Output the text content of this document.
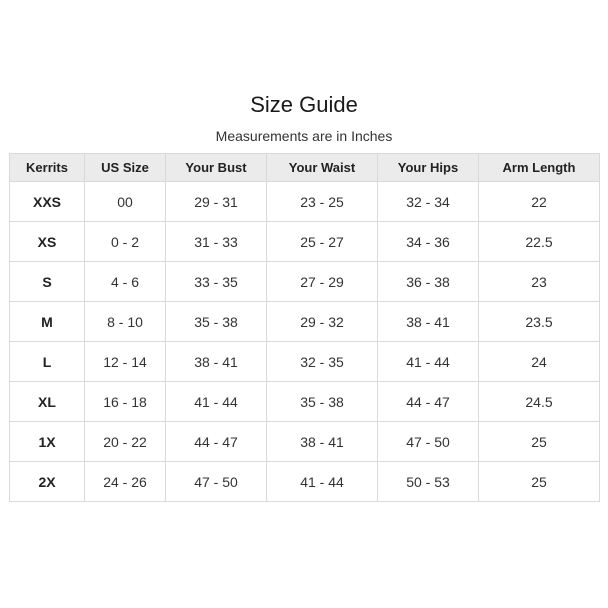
Size Guide

Measurements are in Inches

Kerrits	US Size	Your Bust	Your Waist	Your Hips	Arm Length
XXS	00	29 - 31	23 - 25	32 - 34	22
XS	0 - 2	31 - 33	25 - 27	34 - 36	22.5
S	4 - 6	33 - 35	27 - 29	36 - 38	23
M	8 - 10	35 - 38	29 - 32	38 - 41	23.5
L	12 - 14	38 - 41	32 - 35	41 - 44	24
XL	16 - 18	41 - 44	35 - 38	44 - 47	24.5
1X	20 - 22	44 - 47	38 - 41	47 - 50	25
2X	24 - 26	47 - 50	41 - 44	50 - 53	25
